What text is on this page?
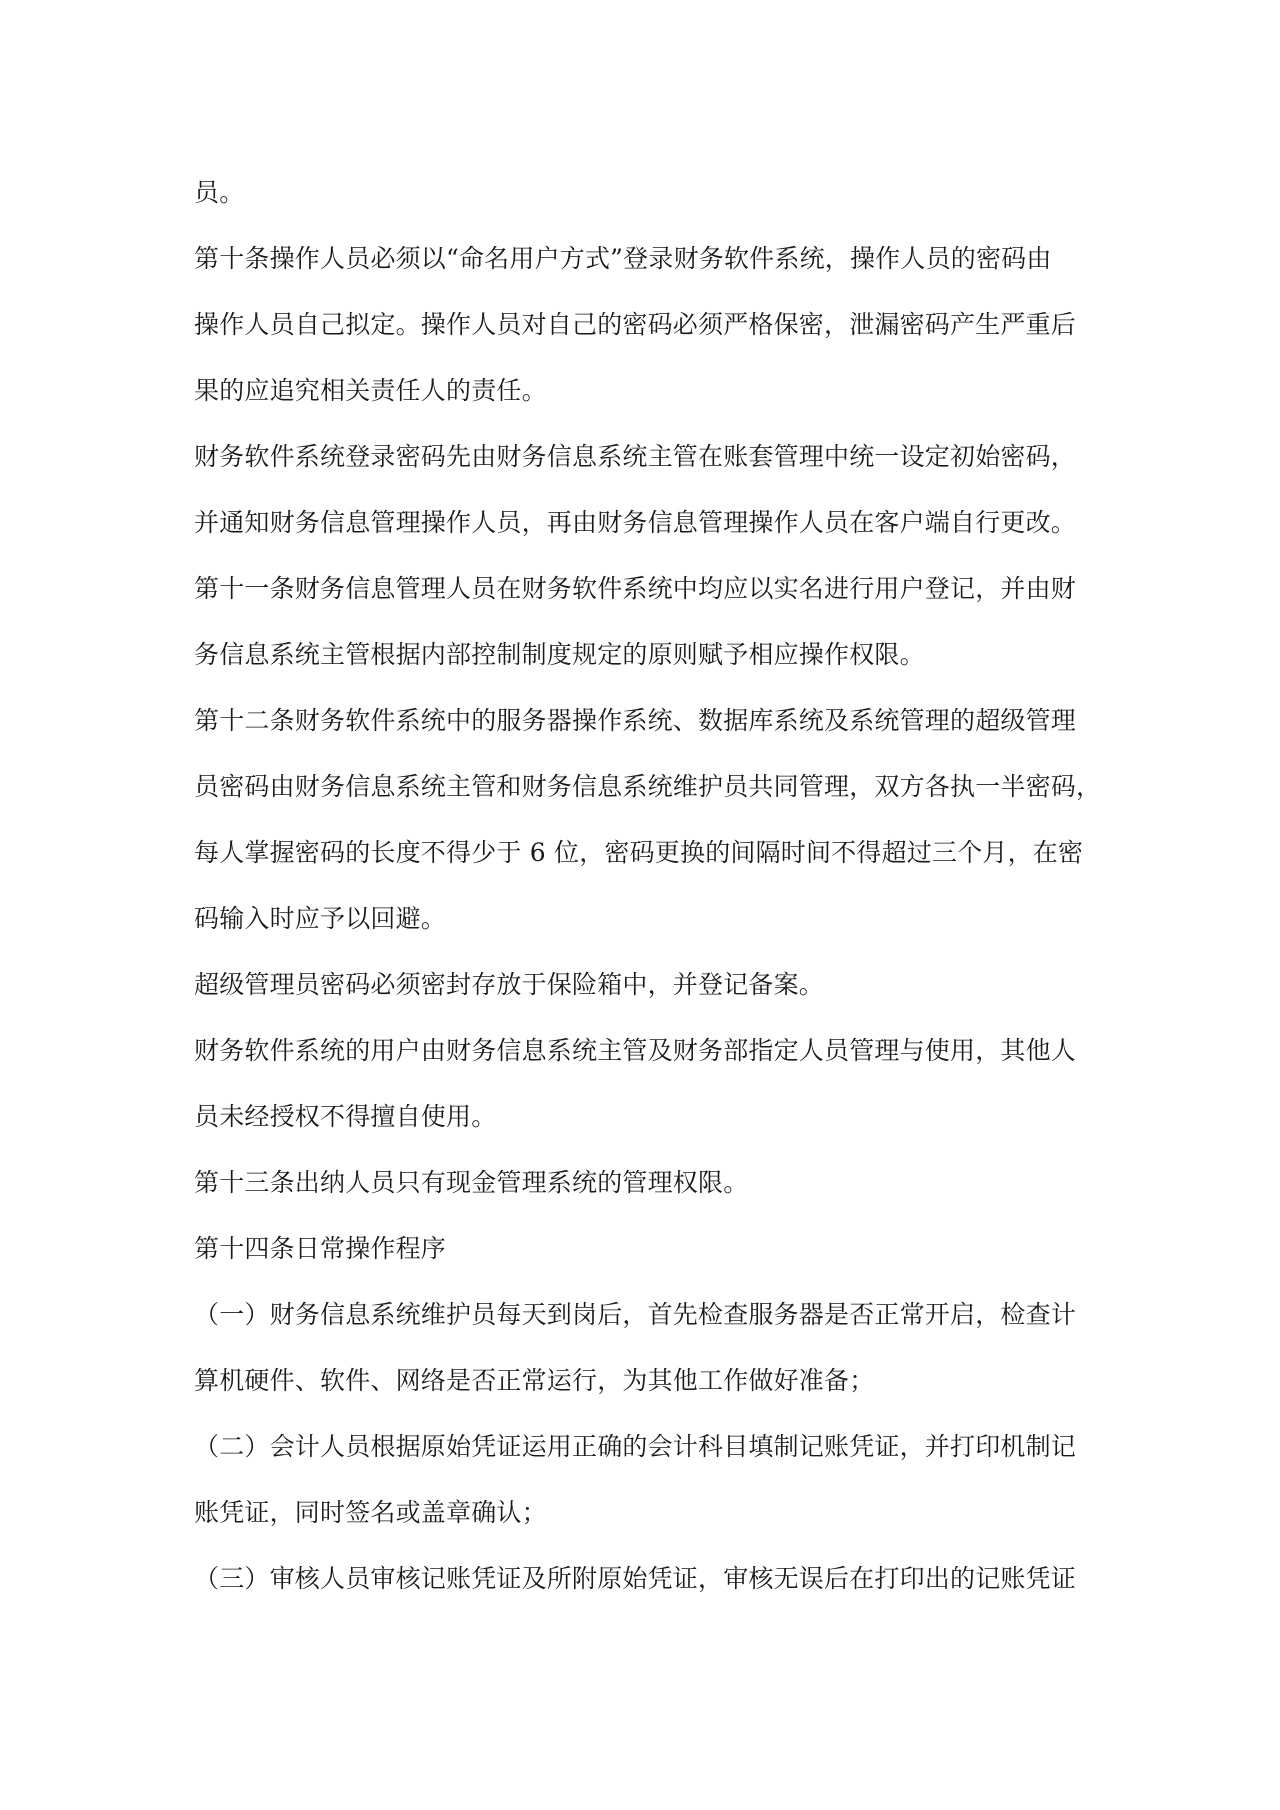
员。
第十条操作人员必须以“命名用户方式”登录财务软件系统，操作人员的密码由
操作人员自己拟定。操作人员对自己的密码必须严格保密，泄漏密码产生严重后
果的应追究相关责任人的责任。
财务软件系统登录密码先由财务信息系统主管在账套管理中统一设定初始密码，
并通知财务信息管理操作人员，再由财务信息管理操作人员在客户端自行更改。
第十一条财务信息管理人员在财务软件系统中均应以实名进行用户登记，并由财
务信息系统主管根据内部控制制度规定的原则赋予相应操作权限。
第十二条财务软件系统中的服务器操作系统、数据库系统及系统管理的超级管理
员密码由财务信息系统主管和财务信息系统维护员共同管理，双方各执一半密码，
每人掌握密码的长度不得少于 6 位，密码更换的间隔时间不得超过三个月，在密
码输入时应予以回避。
超级管理员密码必须密封存放于保险箱中，并登记备案。
财务软件系统的用户由财务信息系统主管及财务部指定人员管理与使用，其他人
员未经授权不得擅自使用。
第十三条出纳人员只有现金管理系统的管理权限。
第十四条日常操作程序
（一）财务信息系统维护员每天到岗后，首先检查服务器是否正常开启，检查计
算机硬件、软件、网络是否正常运行，为其他工作做好准备；
（二）会计人员根据原始凭证运用正确的会计科目填制记账凭证，并打印机制记
账凭证，同时签名或盖章确认；
（三）审核人员审核记账凭证及所附原始凭证，审核无误后在打印出的记账凭证
